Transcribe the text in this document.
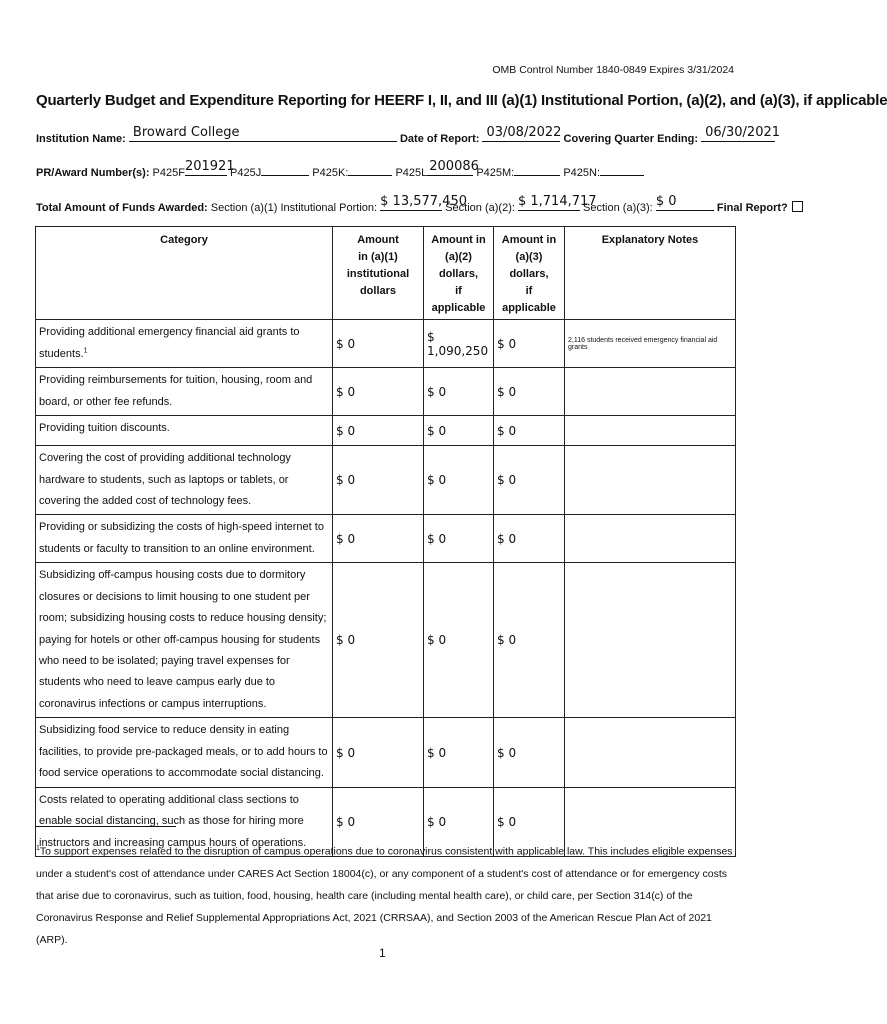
OMB Control Number 1840-0849 Expires 3/31/2024
Quarterly Budget and Expenditure Reporting for HEERF I, II, and III (a)(1) Institutional Portion, (a)(2), and (a)(3), if applicable
Institution Name: Broward College	Date of Report: 03/08/2022 Covering Quarter Ending: 06/30/2021
PR/Award Number(s): P425F 201921
P425J	P425K:	P425L 200086
P425M:	P425N:
Total Amount of Funds Awarded: Section (a)(1) Institutional Portion: $ 13,577,450
Section (a)(2): $ 1,714,717
Section (a)(3): $ 0	Final Report?
Category	Amount
in (a)(1)
institutional dollars	Amount in
(a)(2) dollars,
if applicable	Amount in
(a)(3) dollars,
if applicable	Explanatory Notes
Providing additional emergency financial aid grants to students.$^1$	$ 0	$ 1,090,250	$ 0	2,116 students received emergency financial aid grants
Providing reimbursements for tuition, housing, room and board, or other fee refunds.	$ 0	$ 0	$ 0	
Providing tuition discounts.	$ 0	$ 0	$ 0	
Covering the cost of providing additional technology hardware to students, such as laptops or tablets, or covering the added cost of technology fees.	$ 0	$ 0	$ 0	
Providing or subsidizing the costs of high-speed internet to students or faculty to transition to an online environment.	$ 0	$ 0	$ 0	
Subsidizing off-campus housing costs due to dormitory closures or decisions to limit housing to one student per room; subsidizing housing costs to reduce housing density; paying for hotels or other off-campus housing for students who need to be isolated; paying travel expenses for students who need to leave campus early due to coronavirus infections or campus interruptions.	$ 0	$ 0	$ 0	
Subsidizing food service to reduce density in eating facilities, to provide pre-packaged meals, or to add hours to food service operations to accommodate social distancing.	$ 0	$ 0	$ 0	
Costs related to operating additional class sections to enable social distancing, such as those for hiring more instructors and increasing campus hours of operations.	$ 0	$ 0	$ 0	
$^1$To support expenses related to the disruption of campus operations due to coronavirus consistent with applicable law. This includes eligible expenses under a student's cost of attendance under CARES Act Section 18004(c), or any component of a student's cost of attendance or for emergency costs that arise due to coronavirus, such as tuition, food, housing, health care (including mental health care), or child care, per Section 314(c) of the Coronavirus Response and Relief Supplemental Appropriations Act, 2021 (CRRSAA), and Section 2003 of the American Rescue Plan Act of 2021 (ARP).
1
